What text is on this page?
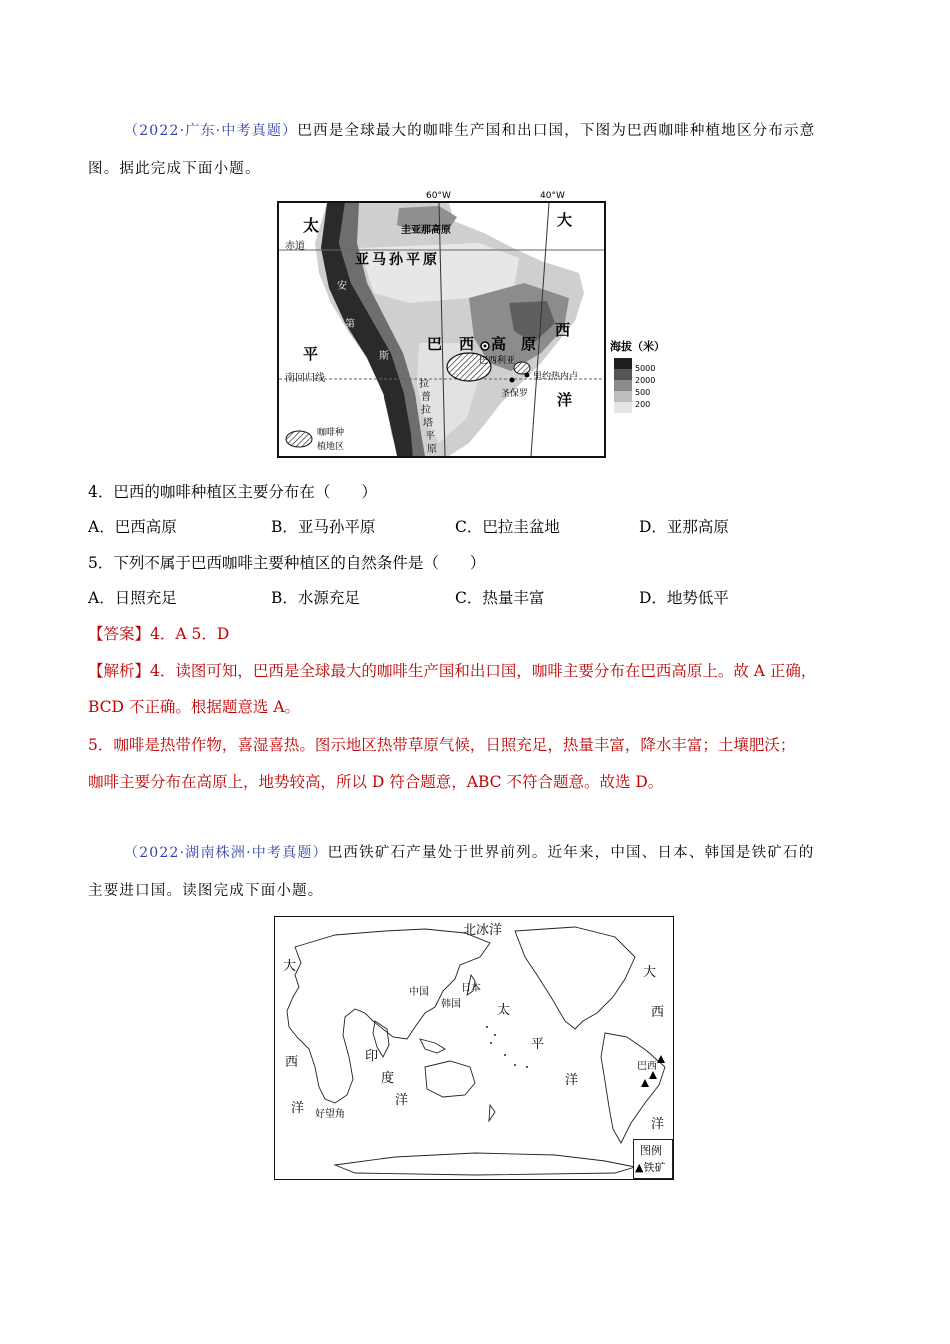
（2022·广东·中考真题）巴西是全球最大的咖啡生产国和出口国，下图为巴西咖啡种植地区分布示意
图。据此完成下面小题。
太
赤道
圭亚那高原
亚马孙平原
大
西
平
洋
南回归线
巴 西 高 原
安
第
斯
山
脉
拉
普
拉
塔
平
原
巴西利亚
里约热内卢
圣保罗
咖啡种
植地区
60°W	40°W
海拔（米）
5000
2000
500
200
4．巴西的咖啡种植区主要分布在（　　）
A．巴西高原	B．亚马孙平原	C．巴拉圭盆地	D．亚那高原
5．下列不属于巴西咖啡主要种植区的自然条件是（　　）
A．日照充足	B．水源充足	C．热量丰富	D．地势低平
【答案】4．A 5．D
【解析】4．读图可知，巴西是全球最大的咖啡生产国和出口国，咖啡主要分布在巴西高原上。故 A 正确，
BCD 不正确。根据题意选 A。
5．咖啡是热带作物，喜湿喜热。图示地区热带草原气候，日照充足，热量丰富，降水丰富；土壤肥沃；
咖啡主要分布在高原上，地势较高，所以 D 符合题意，ABC 不符合题意。故选 D。
（2022·湖南株洲·中考真题）巴西铁矿石产量处于世界前列。近年来，中国、日本、韩国是铁矿石的
主要进口国。读图完成下面小题。
北冰洋
大
西
洋
大
西
洋
印
度
洋
太
平
洋
中国	日本
韩国
巴西
好望角
图例
▲铁矿
